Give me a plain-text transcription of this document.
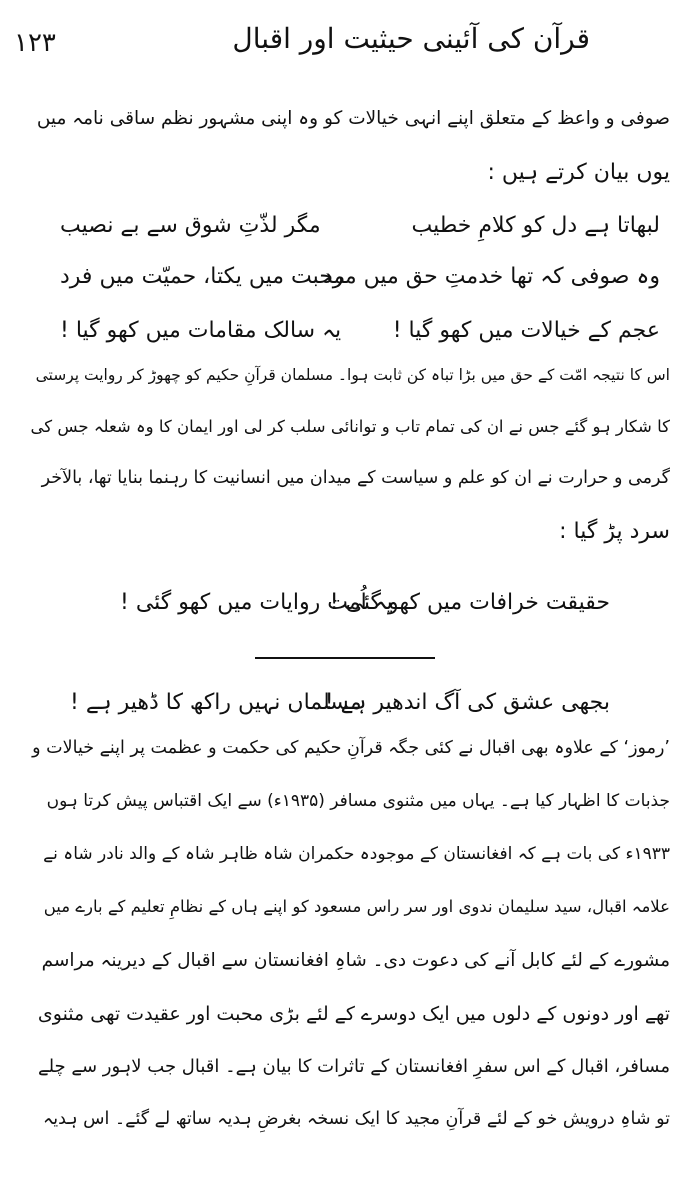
۱۲۳	قرآن کی آئینی حیثیت اور اقبال
صوفی و واعظ کے متعلق اپنے انہی خیالات کو وہ اپنی مشہور نظم ساقی نامہ میں
یوں بیان کرتے ہیں :
لبھاتا ہے دل کو کلامِ خطیب
مگر لذّتِ شوق سے بے نصیب
وہ صوفی کہ تھا خدمتِ حق میں مرد
محبت میں یکتا، حمیّت میں فرد
عجم کے خیالات میں کھو گیا !
یہ سالک مقامات میں کھو گیا !
اس کا نتیجہ امّت کے حق میں بڑا تباہ کن ثابت ہوا۔ مسلمان قرآنِ حکیم کو چھوڑ کر روایت پرستی
کا شکار ہو گئے جس نے ان کی تمام تاب و توانائی سلب کر لی اور ایمان کا وہ شعلہ جس کی
گرمی و حرارت نے ان کو علم و سیاست کے میدان میں انسانیت کا رہنما بنایا تھا، بالآخر
سرد پڑ گیا :
حقیقت خرافات میں کھو گئی !
یہ اُمت روایات میں کھو گئی !
بجھی عشق کی آگ اندھیر ہے !
مسلماں نہیں راکھ کا ڈھیر ہے !
’رموز‘ کے علاوہ بھی اقبال نے کئی جگہ قرآنِ حکیم کی حکمت و عظمت پر اپنے خیالات و
جذبات کا اظہار کیا ہے۔ یہاں میں مثنوی مسافر (۱۹۳۵ء) سے ایک اقتباس پیش کرتا ہوں
۱۹۳۳ء کی بات ہے کہ افغانستان کے موجودہ حکمران شاہ ظاہر شاہ کے والد نادر شاہ نے
علامہ اقبال، سید سلیمان ندوی اور سر راس مسعود کو اپنے ہاں کے نظامِ تعلیم کے بارے میں
مشورے کے لئے کابل آنے کی دعوت دی۔ شاہِ افغانستان سے اقبال کے دیرینہ مراسم
تھے اور دونوں کے دلوں میں ایک دوسرے کے لئے بڑی محبت اور عقیدت تھی مثنوی
مسافر، اقبال کے اس سفرِ افغانستان کے تاثرات کا بیان ہے۔ اقبال جب لاہور سے چلے
تو شاہِ درویش خو کے لئے قرآنِ مجید کا ایک نسخہ بغرضِ ہدیہ ساتھ لے گئے۔ اس ہدیہ
